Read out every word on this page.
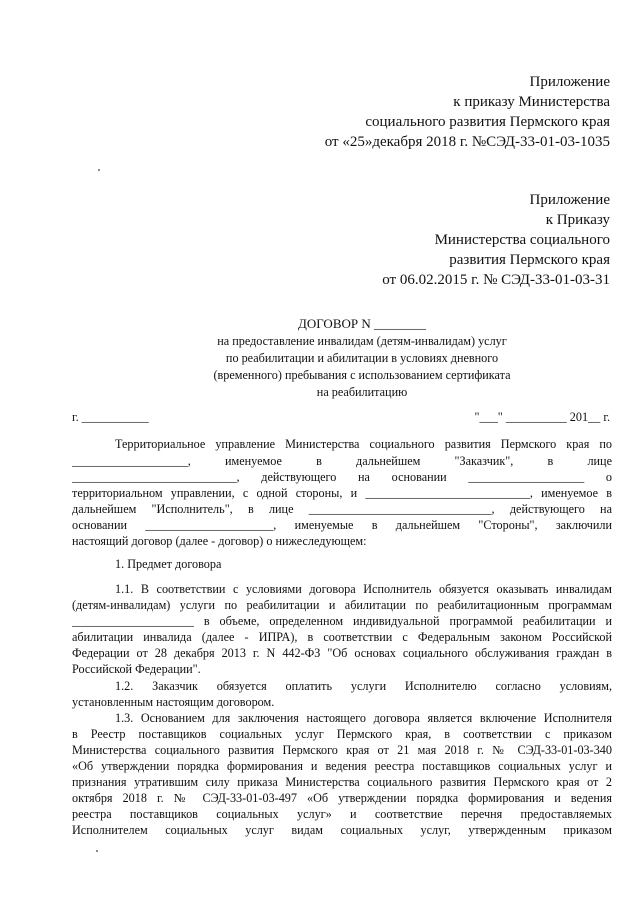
Приложение
к приказу Министерства
социального развития Пермского края
от «25»декабря 2018 г. №СЭД-33-01-03-1035
Приложение
к Приказу
Министерства социального
развития Пермского края
от 06.02.2015 г. № СЭД-33-01-03-31
ДОГОВОР N ________
на предоставление инвалидам (детям-инвалидам) услуг
по реабилитации и абилитации в условиях дневного
(временного) пребывания с использованием сертификата
на реабилитацию
г. ___________	"___" __________ 201__ г.
Территориальное управление Министерства социального развития Пермского края по
___________________, именуемое в дальнейшем "Заказчик", в лице
___________________________, действующего на основании ___________________ о
территориальном управлении, с одной стороны, и ___________________________, именуемое в
дальнейшем "Исполнитель", в лице ______________________________, действующего на
основании _____________________, именуемые в дальнейшем "Стороны", заключили
настоящий договор (далее - договор) о нижеследующем:
1. Предмет договора
1.1. В соответствии с условиями договора Исполнитель обязуется оказывать инвалидам
(детям-инвалидам) услуги по реабилитации и абилитации по реабилитационным программам
____________________ в объеме, определенном индивидуальной программой реабилитации и
абилитации инвалида (далее - ИПРА), в соответствии с Федеральным законом Российской
Федерации от 28 декабря 2013 г. N 442-ФЗ "Об основах социального обслуживания граждан в
Российской Федерации".
1.2. Заказчик обязуется оплатить услуги Исполнителю согласно условиям,
установленным настоящим договором.
1.3. Основанием для заключения настоящего договора является включение Исполнителя
в Реестр поставщиков социальных услуг Пермского края, в соответствии с приказом
Министерства социального развития Пермского края от 21 мая 2018 г. № СЭД-33-01-03-340
«Об утверждении порядка формирования и ведения реестра поставщиков социальных услуг и
признания утратившим силу приказа Министерства социального развития Пермского края от 2
октября 2018 г. № СЭД-33-01-03-497 «Об утверждении порядка формирования и ведения
реестра поставщиков социальных услуг» и соответствие перечня предоставляемых
Исполнителем социальных услуг видам социальных услуг, утвержденным приказом
